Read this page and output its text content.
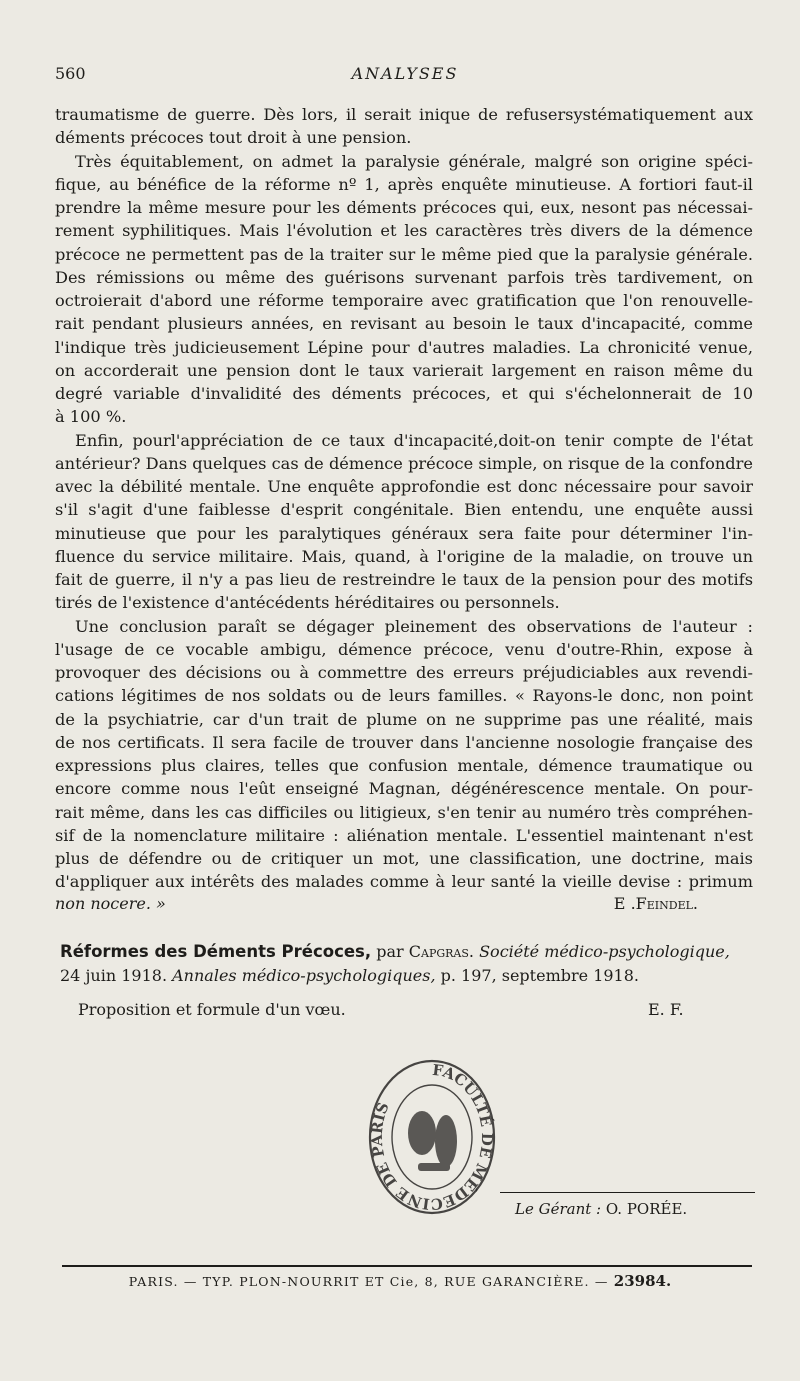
560	ANALYSES
traumatisme de guerre. Dès lors, il serait inique de refusersystématiquement aux
déments précoces tout droit à une pension.
Très équitablement, on admet la paralysie générale, malgré son origine spéci-
fique, au bénéfice de la réforme nº 1, après enquête minutieuse. A fortiori faut-il
prendre la même mesure pour les déments précoces qui, eux, nesont pas nécessai-
rement syphilitiques. Mais l'évolution et les caractères très divers de la démence
précoce ne permettent pas de la traiter sur le même pied que la paralysie générale.
Des rémissions ou même des guérisons survenant parfois très tardivement, on
octroierait d'abord une réforme temporaire avec gratification que l'on renouvelle-
rait pendant plusieurs années, en revisant au besoin le taux d'incapacité, comme
l'indique très judicieusement Lépine pour d'autres maladies. La chronicité venue,
on accorderait une pension dont le taux varierait largement en raison même du
degré variable d'invalidité des déments précoces, et qui s'échelonnerait de 10
à 100 %.
Enfin, pourl'appréciation de ce taux d'incapacité,doit-on tenir compte de l'état
antérieur? Dans quelques cas de démence précoce simple, on risque de la confondre
avec la débilité mentale. Une enquête approfondie est donc nécessaire pour savoir
s'il s'agit d'une faiblesse d'esprit congénitale. Bien entendu, une enquête aussi
minutieuse que pour les paralytiques généraux sera faite pour déterminer l'in-
fluence du service militaire. Mais, quand, à l'origine de la maladie, on trouve un
fait de guerre, il n'y a pas lieu de restreindre le taux de la pension pour des motifs
tirés de l'existence d'antécédents héréditaires ou personnels.
Une conclusion paraît se dégager pleinement des observations de l'auteur :
l'usage de ce vocable ambigu, démence précoce, venu d'outre-Rhin, expose à
provoquer des décisions ou à commettre des erreurs préjudiciables aux revendi-
cations légitimes de nos soldats ou de leurs familles. « Rayons-le donc, non point
de la psychiatrie, car d'un trait de plume on ne supprime pas une réalité, mais
de nos certificats. Il sera facile de trouver dans l'ancienne nosologie française des
expressions plus claires, telles que confusion mentale, démence traumatique ou
encore comme nous l'eût enseigné Magnan, dégénérescence mentale. On pour-
rait même, dans les cas difficiles ou litigieux, s'en tenir au numéro très compréhen-
sif de la nomenclature militaire : aliénation mentale. L'essentiel maintenant n'est
plus de défendre ou de critiquer un mot, une classification, une doctrine, mais
d'appliquer aux intérêts des malades comme à leur santé la vieille devise : primum
non nocere. »	E .Feindel.
Réformes des Déments Précoces, par Capgras. Société médico-psychologique,
24 juin 1918. Annales médico-psychologiques, p. 197, septembre 1918.
Proposition et formule d'un vœu.	E. F.
FACULTÉ DE MÉDECINE DE PARIS
Le Gérant : O. PORÉE.
PARIS. — TYP. PLON-NOURRIT ET Cie, 8, RUE GARANCIÈRE. — 23984.
